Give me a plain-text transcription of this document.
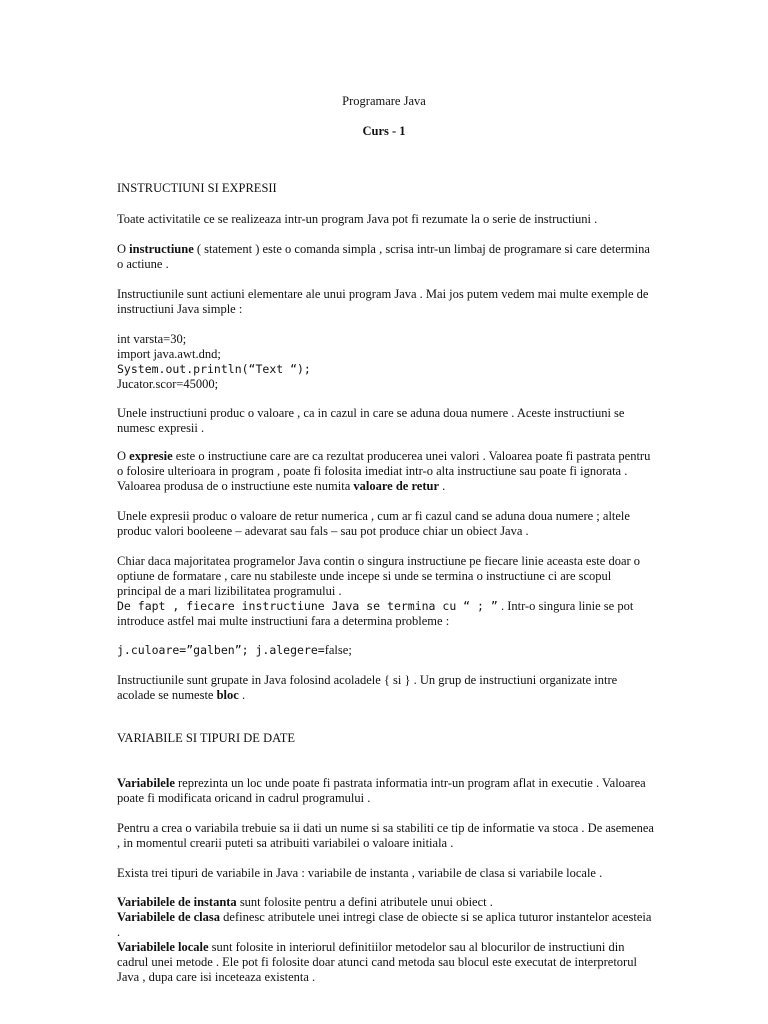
Programare Java
Curs - 1

INSTRUCTIUNI SI EXPRESII

Toate activitatile ce se realizeaza intr-un program Java pot fi rezumate la o serie de instructiuni .

O instructiune ( statement ) este o comanda simpla , scrisa intr-un limbaj de programare si care determina o actiune .

Instructiunile sunt actiuni elementare ale unui program Java . Mai jos putem vedem mai multe exemple de instructiuni Java simple :

int varsta=30;

import java.awt.dnd;

System.out.println(“Text “);

Jucator.scor=45000;

Unele instructiuni produc o valoare , ca in cazul in care se aduna doua numere . Aceste instructiuni se numesc expresii .

O expresie este o instructiune care are ca rezultat producerea unei valori . Valoarea poate fi pastrata pentru o folosire ulterioara in program , poate fi folosita imediat intr-o alta instructiune sau poate fi ignorata . Valoarea produsa de o instructiune este numita valoare de retur .

Unele expresii produc o valoare de retur numerica , cum ar fi cazul cand se aduna doua numere ; altele produc valori booleene – adevarat sau fals – sau pot produce chiar un obiect Java .

Chiar daca majoritatea programelor Java contin o singura instructiune pe fiecare linie aceasta este doar o optiune de formatare , care nu stabileste unde incepe si unde se termina o instructiune ci are scopul principal de a mari lizibilitatea programului .

De fapt , fiecare instructiune Java se termina cu “ ; ” . Intr-o singura linie se pot introduce astfel mai multe instructiuni fara a determina probleme :

j.culoare=”galben”; j.alegere=false;

Instructiunile sunt grupate in Java folosind acoladele { si } . Un grup de instructiuni organizate intre acolade se numeste bloc .

VARIABILE SI TIPURI DE DATE

Variabilele reprezinta un loc unde poate fi pastrata informatia intr-un program aflat in executie . Valoarea poate fi modificata oricand in cadrul programului .

Pentru a crea o variabila trebuie sa ii dati un nume si sa stabiliti ce tip de informatie va stoca . De asemenea , in momentul crearii puteti sa atribuiti variabilei o valoare initiala .

Exista trei tipuri de variabile in Java : variabile de instanta , variabile de clasa si variabile locale .

Variabilele de instanta sunt folosite pentru a defini atributele unui obiect .

Variabilele de clasa definesc atributele unei intregi clase de obiecte si se aplica tuturor instantelor acesteia .

Variabilele locale sunt folosite in interiorul definitiilor metodelor sau al blocurilor de instructiuni din cadrul unei metode . Ele pot fi folosite doar atunci cand metoda sau blocul este executat de interpretorul Java , dupa care isi inceteaza existenta .
